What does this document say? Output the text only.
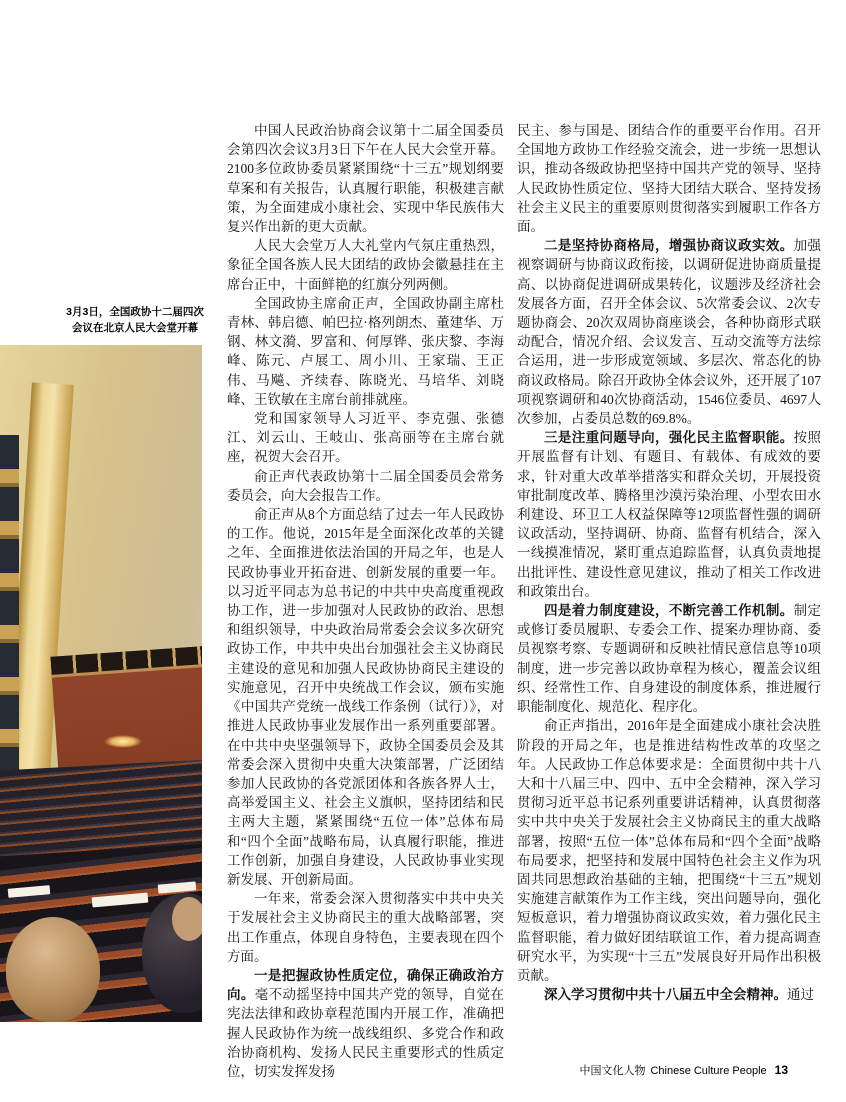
3月3日，全国政协十二届四次
会议在北京人民大会堂开幕

中国人民政治协商会议第十二届全国委员会第四次会议3月3日下午在人民大会堂开幕。2100多位政协委员紧紧围绕“十三五”规划纲要草案和有关报告，认真履行职能，积极建言献策，为全面建成小康社会、实现中华民族伟大复兴作出新的更大贡献。

人民大会堂万人大礼堂内气氛庄重热烈，象征全国各族人民大团结的政协会徽悬挂在主席台正中，十面鲜艳的红旗分列两侧。

全国政协主席俞正声，全国政协副主席杜青林、韩启德、帕巴拉·格列朗杰、董建华、万钢、林文漪、罗富和、何厚铧、张庆黎、李海峰、陈元、卢展工、周小川、王家瑞、王正伟、马飚、齐续春、陈晓光、马培华、刘晓峰、王钦敏在主席台前排就座。

党和国家领导人习近平、李克强、张德江、刘云山、王岐山、张高丽等在主席台就座，祝贺大会召开。

俞正声代表政协第十二届全国委员会常务委员会，向大会报告工作。

俞正声从8个方面总结了过去一年人民政协的工作。他说，2015年是全面深化改革的关键之年、全面推进依法治国的开局之年，也是人民政协事业开拓奋进、创新发展的重要一年。以习近平同志为总书记的中共中央高度重视政协工作，进一步加强对人民政协的政治、思想和组织领导，中央政治局常委会会议多次研究政协工作，中共中央出台加强社会主义协商民主建设的意见和加强人民政协协商民主建设的实施意见，召开中央统战工作会议，颁布实施《中国共产党统一战线工作条例（试行）》，对推进人民政协事业发展作出一系列重要部署。在中共中央坚强领导下，政协全国委员会及其常委会深入贯彻中央重大决策部署，广泛团结参加人民政协的各党派团体和各族各界人士，高举爱国主义、社会主义旗帜，坚持团结和民主两大主题，紧紧围绕“五位一体”总体布局和“四个全面”战略布局，认真履行职能，推进工作创新，加强自身建设，人民政协事业实现新发展、开创新局面。

一年来，常委会深入贯彻落实中共中央关于发展社会主义协商民主的重大战略部署，突出工作重点，体现自身特色，主要表现在四个方面。

一是把握政协性质定位，确保正确政治方向。毫不动摇坚持中国共产党的领导，自觉在宪法法律和政协章程范围内开展工作，准确把握人民政协作为统一战线组织、多党合作和政治协商机构、发扬人民民主重要形式的性质定位，切实发挥发扬

民主、参与国是、团结合作的重要平台作用。召开全国地方政协工作经验交流会，进一步统一思想认识，推动各级政协把坚持中国共产党的领导、坚持人民政协性质定位、坚持大团结大联合、坚持发扬社会主义民主的重要原则贯彻落实到履职工作各方面。

二是坚持协商格局，增强协商议政实效。加强视察调研与协商议政衔接，以调研促进协商质量提高、以协商促进调研成果转化，议题涉及经济社会发展各方面，召开全体会议、5次常委会议、2次专题协商会、20次双周协商座谈会，各种协商形式联动配合，情况介绍、会议发言、互动交流等方法综合运用，进一步形成宽领域、多层次、常态化的协商议政格局。除召开政协全体会议外，还开展了107项视察调研和40次协商活动，1546位委员、4697人次参加，占委员总数的69.8%。

三是注重问题导向，强化民主监督职能。按照开展监督有计划、有题目、有载体、有成效的要求，针对重大改革举措落实和群众关切，开展投资审批制度改革、腾格里沙漠污染治理、小型农田水利建设、环卫工人权益保障等12项监督性强的调研议政活动，坚持调研、协商、监督有机结合，深入一线摸准情况，紧盯重点追踪监督，认真负责地提出批评性、建设性意见建议，推动了相关工作改进和政策出台。

四是着力制度建设，不断完善工作机制。制定或修订委员履职、专委会工作、提案办理协商、委员视察考察、专题调研和反映社情民意信息等10项制度，进一步完善以政协章程为核心，覆盖会议组织、经常性工作、自身建设的制度体系，推进履行职能制度化、规范化、程序化。

俞正声指出，2016年是全面建成小康社会决胜阶段的开局之年，也是推进结构性改革的攻坚之年。人民政协工作总体要求是：全面贯彻中共十八大和十八届三中、四中、五中全会精神，深入学习贯彻习近平总书记系列重要讲话精神，认真贯彻落实中共中央关于发展社会主义协商民主的重大战略部署，按照“五位一体”总体布局和“四个全面”战略布局要求，把坚持和发展中国特色社会主义作为巩固共同思想政治基础的主轴，把围绕“十三五”规划实施建言献策作为工作主线，突出问题导向，强化短板意识，着力增强协商议政实效，着力强化民主监督职能，着力做好团结联谊工作，着力提高调查研究水平，为实现“十三五”发展良好开局作出积极贡献。

深入学习贯彻中共十八届五中全会精神。通过

中国文化人物 Chinese Culture People 13
